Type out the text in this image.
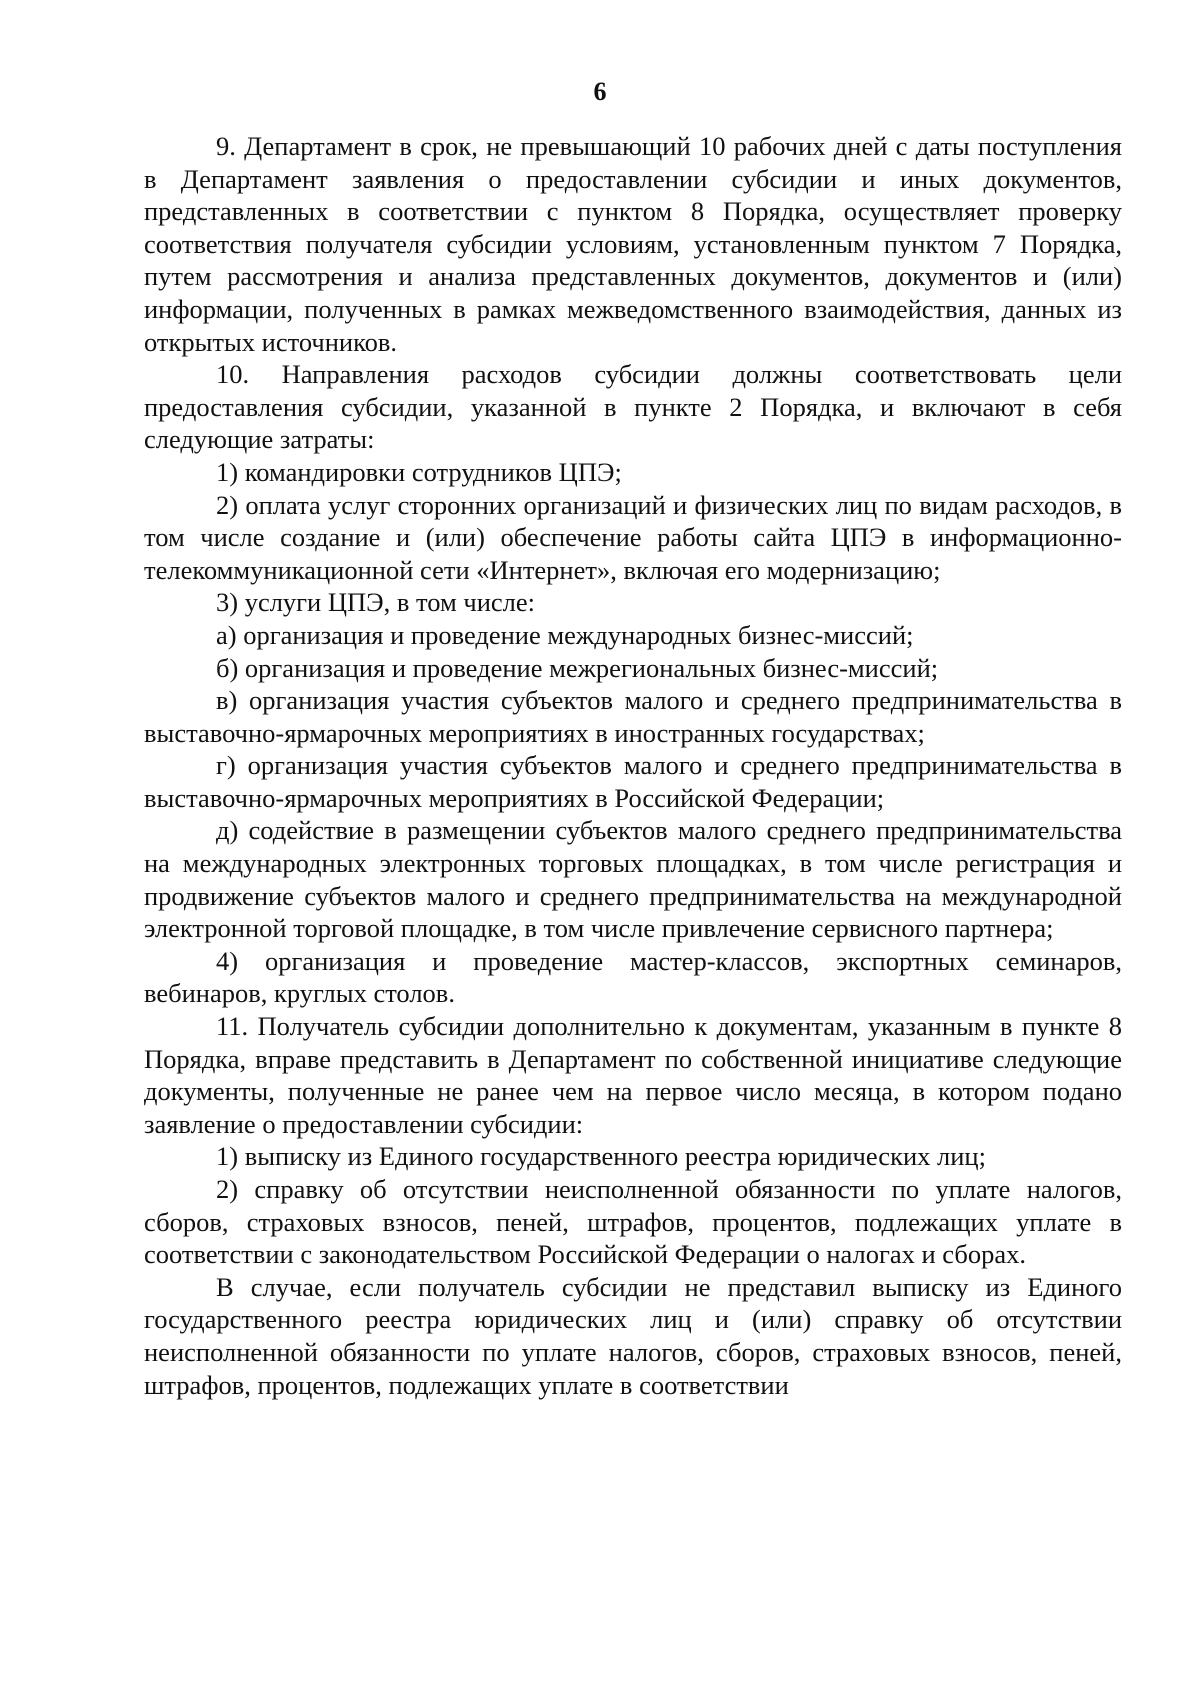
6

9. Департамент в срок, не превышающий 10 рабочих дней с даты поступления в Департамент заявления о предоставлении субсидии и иных документов, представленных в соответствии с пунктом 8 Порядка, осуществляет проверку соответствия получателя субсидии условиям, установленным пунктом 7 Порядка, путем рассмотрения и анализа представленных документов, документов и (или) информации, полученных в рамках межведомственного взаимодействия, данных из открытых источников.

10. Направления расходов субсидии должны соответствовать цели предоставления субсидии, указанной в пункте 2 Порядка, и включают в себя следующие затраты:

1) командировки сотрудников ЦПЭ;

2) оплата услуг сторонних организаций и физических лиц по видам расходов, в том числе создание и (или) обеспечение работы сайта ЦПЭ в информационно-телекоммуникационной сети «Интернет», включая его модернизацию;

3) услуги ЦПЭ, в том числе:

а) организация и проведение международных бизнес-миссий;

б) организация и проведение межрегиональных бизнес-миссий;

в) организация участия субъектов малого и среднего предпринимательства в выставочно-ярмарочных мероприятиях в иностранных государствах;

г) организация участия субъектов малого и среднего предпринимательства в выставочно-ярмарочных мероприятиях в Российской Федерации;

д) содействие в размещении субъектов малого среднего предпринимательства на международных электронных торговых площадках, в том числе регистрация и продвижение субъектов малого и среднего предпринимательства на международной электронной торговой площадке, в том числе привлечение сервисного партнера;

4) организация и проведение мастер-классов, экспортных семинаров, вебинаров, круглых столов.

11. Получатель субсидии дополнительно к документам, указанным в пункте 8 Порядка, вправе представить в Департамент по собственной инициативе следующие документы, полученные не ранее чем на первое число месяца, в котором подано заявление о предоставлении субсидии:

1) выписку из Единого государственного реестра юридических лиц;

2) справку об отсутствии неисполненной обязанности по уплате налогов, сборов, страховых взносов, пеней, штрафов, процентов, подлежащих уплате в соответствии с законодательством Российской Федерации о налогах и сборах.

В случае, если получатель субсидии не представил выписку из Единого государственного реестра юридических лиц и (или) справку об отсутствии неисполненной обязанности по уплате налогов, сборов, страховых взносов, пеней, штрафов, процентов, подлежащих уплате в соответствии
